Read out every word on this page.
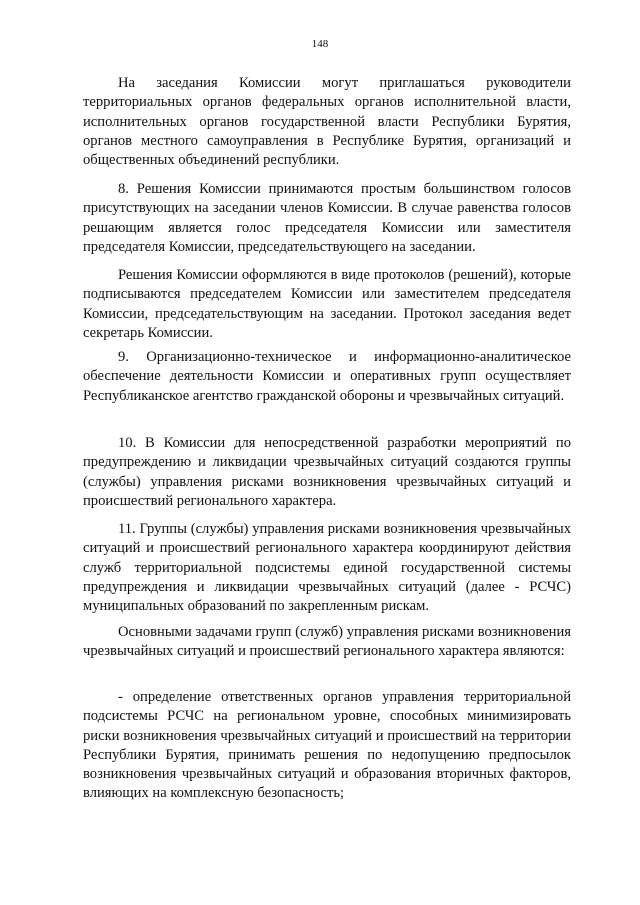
148

На заседания Комиссии могут приглашаться руководители территориальных органов федеральных органов исполнительной власти, исполнительных органов государственной власти Республики Бурятия, органов местного самоуправления в Республике Бурятия, организаций и общественных объединений республики.

8. Решения Комиссии принимаются простым большинством голосов присутствующих на заседании членов Комиссии. В случае равенства голосов решающим является голос председателя Комиссии или заместителя председателя Комиссии, председательствующего на заседании.

Решения Комиссии оформляются в виде протоколов (решений), которые подписываются председателем Комиссии или заместителем председателя Комиссии, председательствующим на заседании. Протокол заседания ведет секретарь Комиссии.

9. Организационно-техническое и информационно-аналитическое обеспечение деятельности Комиссии и оперативных групп осуществляет Республиканское агентство гражданской обороны и чрезвычайных ситуаций.

10. В Комиссии для непосредственной разработки мероприятий по предупреждению и ликвидации чрезвычайных ситуаций создаются группы (службы) управления рисками возникновения чрезвычайных ситуаций и происшествий регионального характера.

11. Группы (службы) управления рисками возникновения чрезвычайных ситуаций и происшествий регионального характера координируют действия служб территориальной подсистемы единой государственной системы предупреждения и ликвидации чрезвычайных ситуаций (далее - РСЧС) муниципальных образований по закрепленным рискам.

Основными задачами групп (служб) управления рисками возникновения чрезвычайных ситуаций и происшествий регионального характера являются:

- определение ответственных органов управления территориальной подсистемы РСЧС на региональном уровне, способных минимизировать риски возникновения чрезвычайных ситуаций и происшествий на территории Республики Бурятия, принимать решения по недопущению предпосылок возникновения чрезвычайных ситуаций и образования вторичных факторов, влияющих на комплексную безопасность;
